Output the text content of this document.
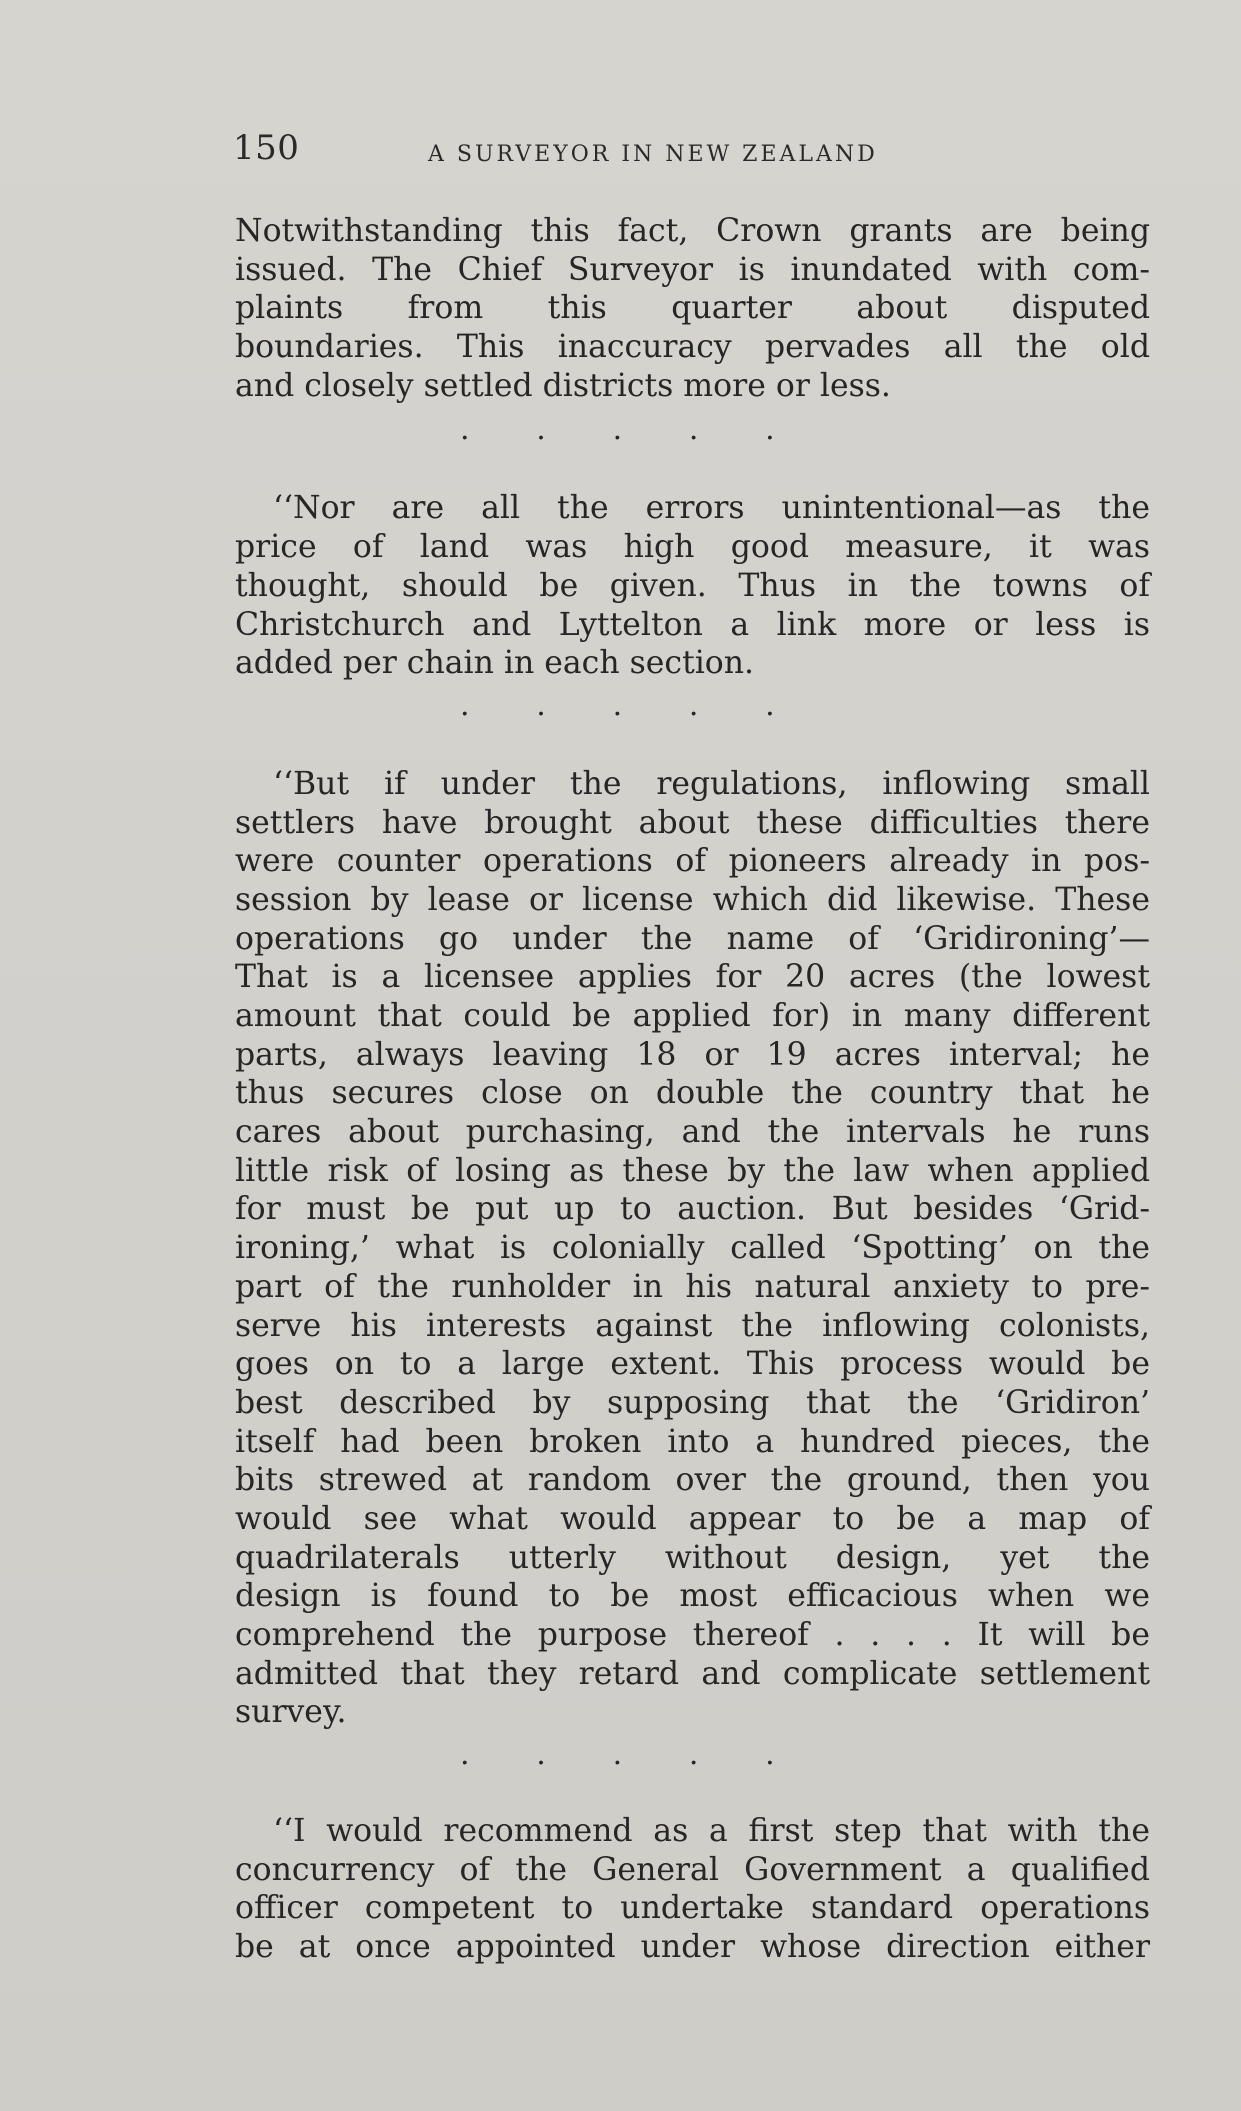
150	A SURVEYOR IN NEW ZEALAND
Notwithstanding this fact, Crown grants are being
issued. The Chief Surveyor is inundated with com-
plaints from this quarter about disputed
boundaries. This inaccuracy pervades all the old
and closely settled districts more or less.
.       .       .       .       .
‘‘Nor are all the errors unintentional—as the
price of land was high good measure, it was
thought, should be given. Thus in the towns of
Christchurch and Lyttelton a link more or less is
added per chain in each section.
.       .       .       .       .
‘‘But if under the regulations, inflowing small
settlers have brought about these difficulties there
were counter operations of pioneers already in pos-
session by lease or license which did likewise. These
operations go under the name of ‘Gridironing’—
That is a licensee applies for 20 acres (the lowest
amount that could be applied for) in many different
parts, always leaving 18 or 19 acres interval; he
thus secures close on double the country that he
cares about purchasing, and the intervals he runs
little risk of losing as these by the law when applied
for must be put up to auction. But besides ‘Grid-
ironing,’ what is colonially called ‘Spotting’ on the
part of the runholder in his natural anxiety to pre-
serve his interests against the inflowing colonists,
goes on to a large extent. This process would be
best described by supposing that the ‘Gridiron’
itself had been broken into a hundred pieces, the
bits strewed at random over the ground, then you
would see what would appear to be a map of
quadrilaterals utterly without design, yet the
design is found to be most efficacious when we
comprehend the purpose thereof . . . . It will be
admitted that they retard and complicate settlement
survey.
.       .       .       .       .
‘‘I would recommend as a first step that with the
concurrency of the General Government a qualified
officer competent to undertake standard operations
be at once appointed under whose direction either
